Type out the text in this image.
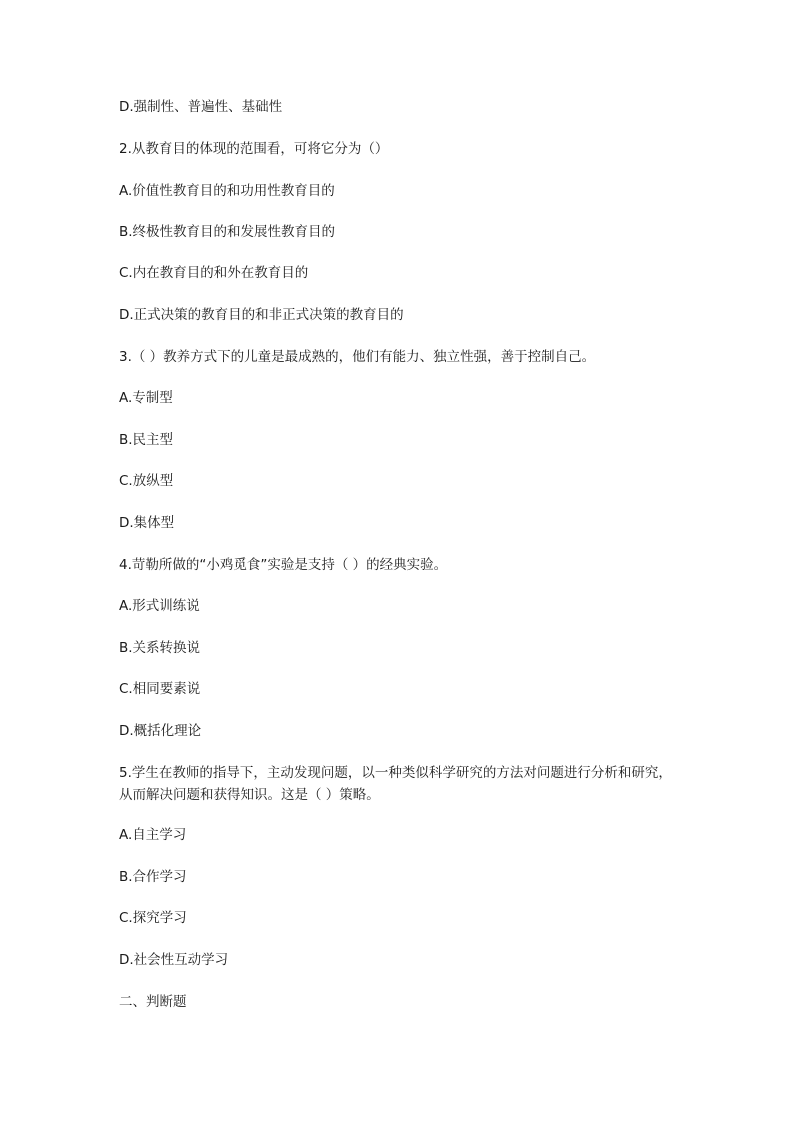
D.强制性、普遍性、基础性
2.从教育目的体现的范围看，可将它分为（）
A.价值性教育目的和功用性教育目的
B.终极性教育目的和发展性教育目的
C.内在教育目的和外在教育目的
D.正式决策的教育目的和非正式决策的教育目的
3.（ ）教养方式下的儿童是最成熟的，他们有能力、独立性强，善于控制自己。
A.专制型
B.民主型
C.放纵型
D.集体型
4.苛勒所做的“小鸡觅食”实验是支持（ ）的经典实验。
A.形式训练说
B.关系转换说
C.相同要素说
D.概括化理论
5.学生在教师的指导下，主动发现问题，以一种类似科学研究的方法对问题进行分析和研究，从而解决问题和获得知识。这是（ ）策略。
A.自主学习
B.合作学习
C.探究学习
D.社会性互动学习
二、判断题
